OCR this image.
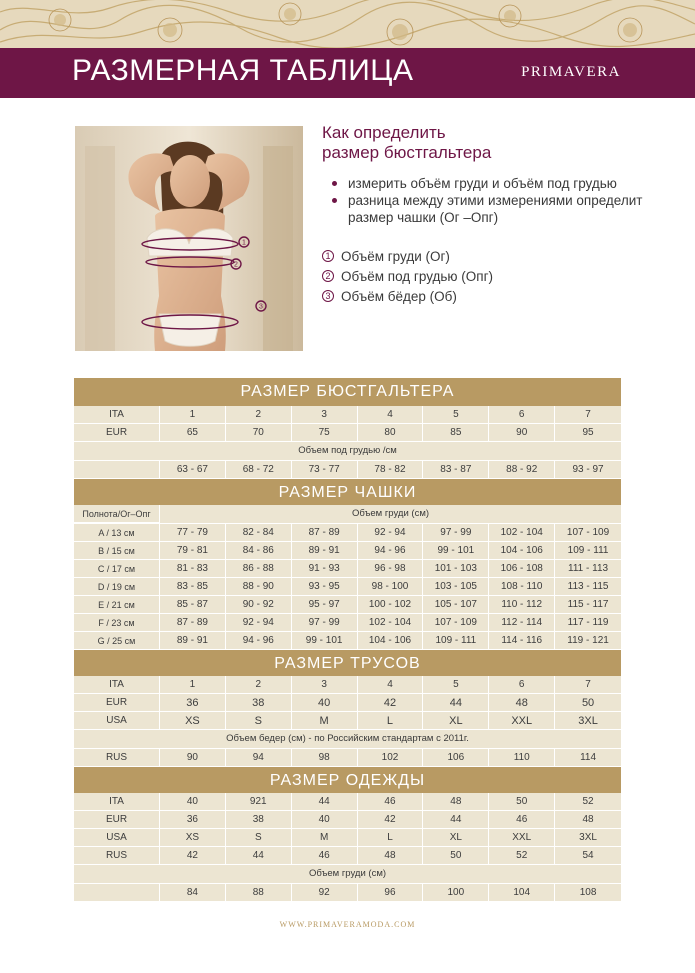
РАЗМЕРНАЯ ТАБЛИЦА	PRIMAVERA
1
2
3
Как определить
размер бюстгальтера
измерить объём груди и объём под грудью
разница между этими измерениями определит размер чашки (Ог –Опг)
1 Объём груди (Ог)
2 Объём под грудью (Опг)
3 Объём бёдер (Об)
РАЗМЕР БЮСТГАЛЬТЕРА
ITA	1	2	3	4	5	6	7
EUR	65	70	75	80	85	90	95
Объем под грудью /см
63 - 67	68 - 72	73 - 77	78 - 82	83 - 87	88 - 92	93 - 97
РАЗМЕР ЧАШКИ
Полнота/Ог–Опг	Объем груди (см)
A / 13 см	77 - 79	82 - 84	87 - 89	92 - 94	97 - 99	102 - 104	107 - 109
B / 15 см	79 - 81	84 - 86	89 - 91	94 - 96	99 - 101	104 - 106	109 - 111
C / 17 см	81 - 83	86 - 88	91 - 93	96 - 98	101 - 103	106 - 108	111 - 113
D / 19 см	83 - 85	88 - 90	93 - 95	98 - 100	103 - 105	108 - 110	113 - 115
E / 21 см	85 - 87	90 - 92	95 - 97	100 - 102	105 - 107	110 - 112	115 - 117
F / 23 см	87 - 89	92 - 94	97 - 99	102 - 104	107 - 109	112 - 114	117 - 119
G / 25 см	89 - 91	94 - 96	99 - 101	104 - 106	109 - 111	114 - 116	119 - 121
РАЗМЕР ТРУСОВ
ITA	1	2	3	4	5	6	7
EUR	36	38	40	42	44	48	50
USA	XS	S	M	L	XL	XXL	3XL
Объем бедер (см) - по Российским стандартам с 2011г.
RUS	90	94	98	102	106	110	114
РАЗМЕР ОДЕЖДЫ
ITA	40	921	44	46	48	50	52
EUR	36	38	40	42	44	46	48
USA	XS	S	M	L	XL	XXL	3XL
RUS	42	44	46	48	50	52	54
Объем груди (см)
84	88	92	96	100	104	108
WWW.PRIMAVERAMODA.COM
